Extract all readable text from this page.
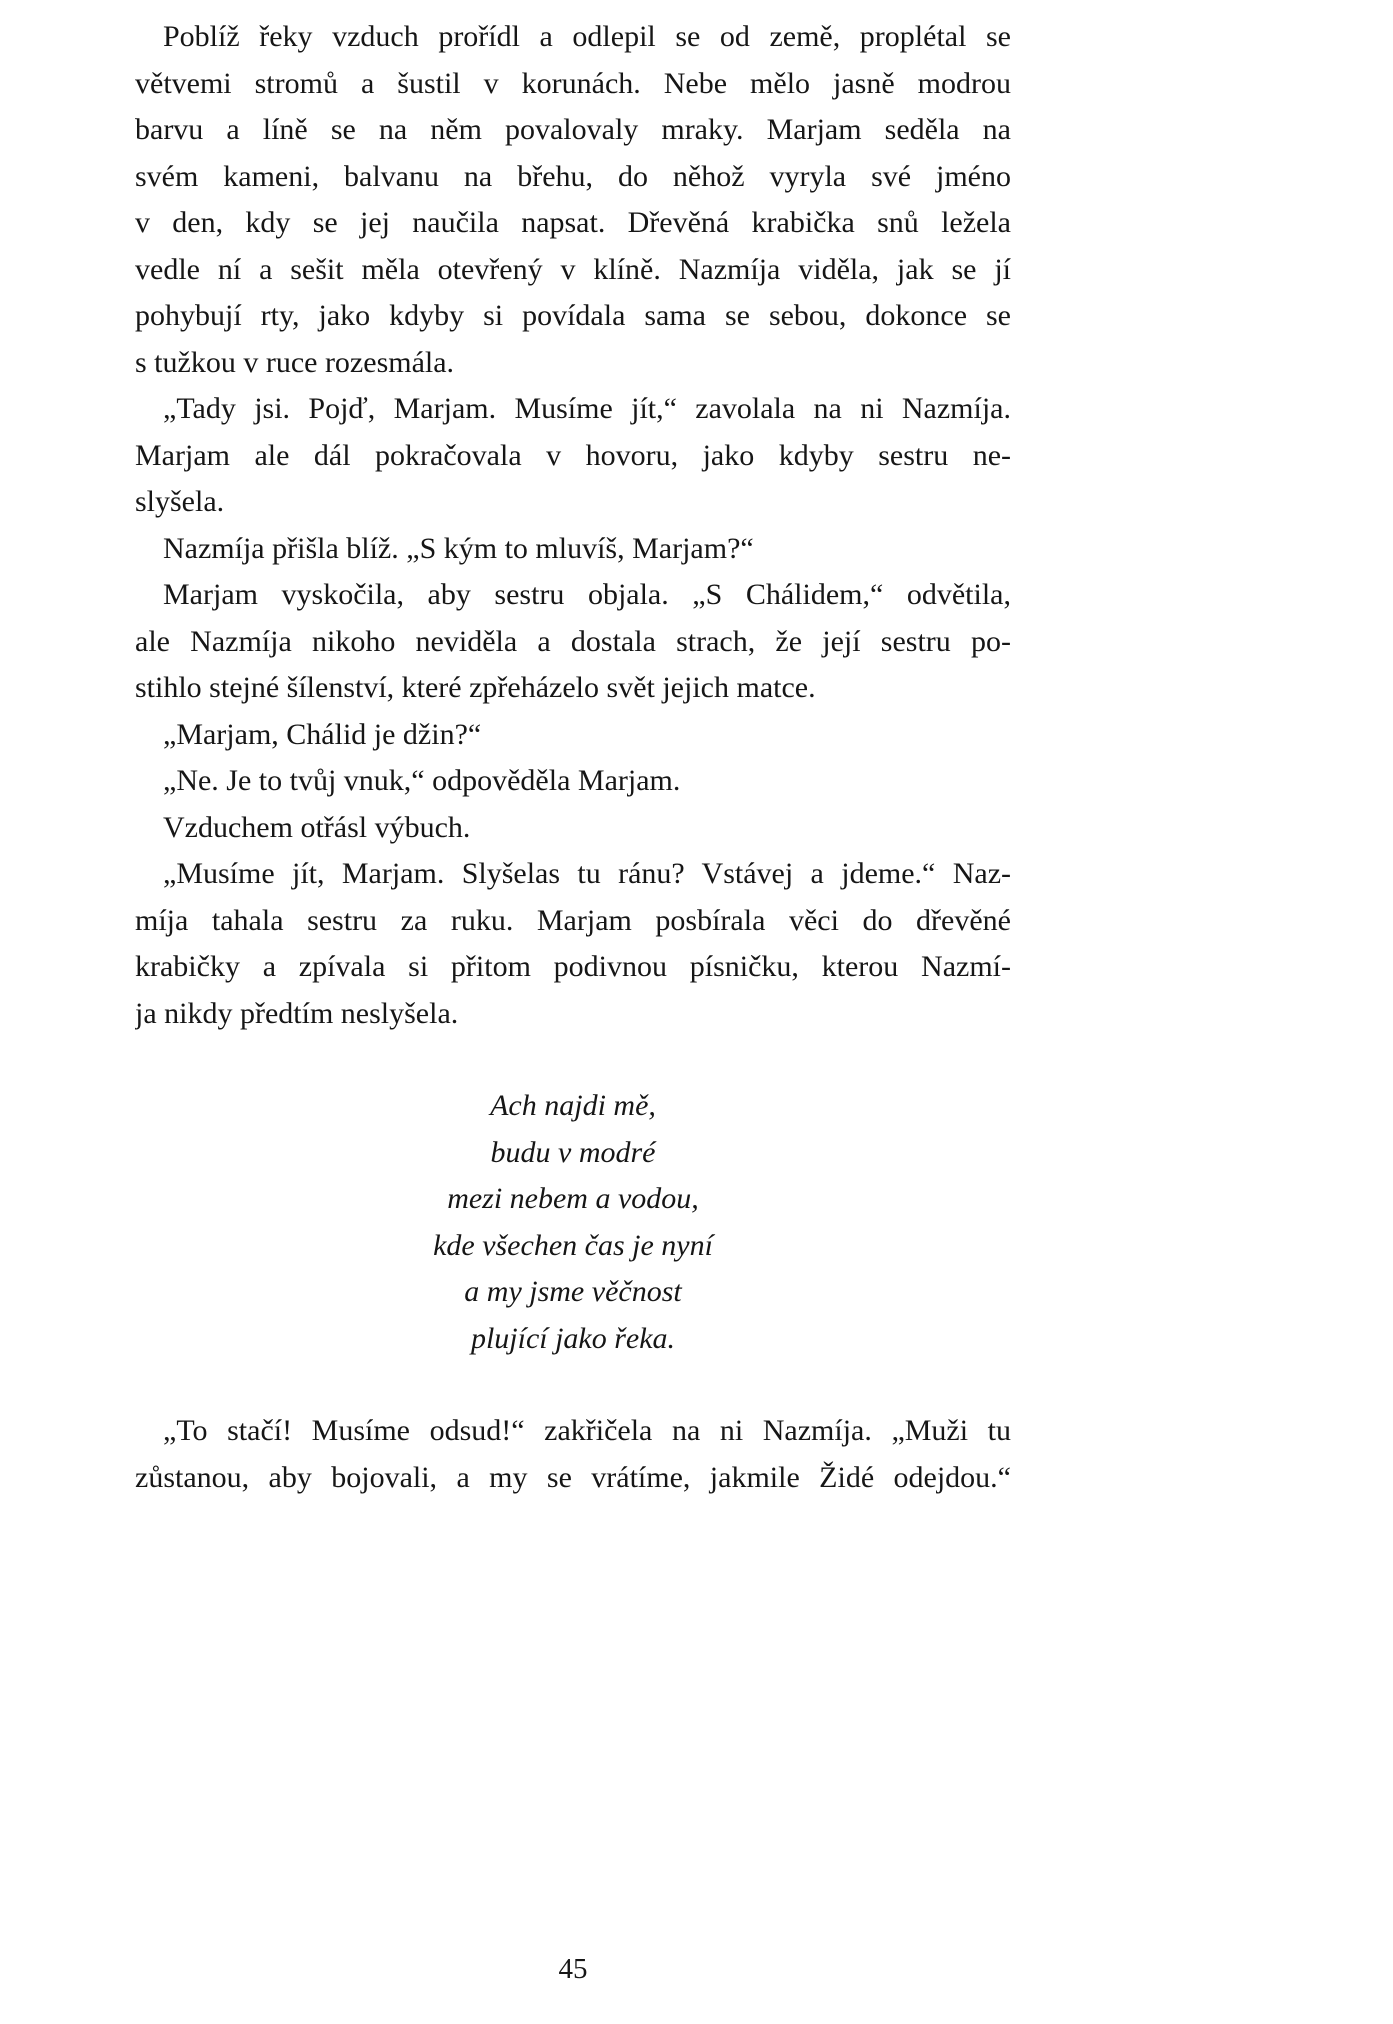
Poblíž řeky vzduch prořídl a odlepil se od země, proplétal se
větvemi stromů a šustil v korunách. Nebe mělo jasně modrou
barvu a líně se na něm povalovaly mraky. Marjam seděla na
svém kameni, balvanu na břehu, do něhož vyryla své jméno
v den, kdy se jej naučila napsat. Dřevěná krabička snů ležela
vedle ní a sešit měla otevřený v klíně. Nazmíja viděla, jak se jí
pohybují rty, jako kdyby si povídala sama se sebou, dokonce se
s tužkou v ruce rozesmála.
„Tady jsi. Pojď, Marjam. Musíme jít,“ zavolala na ni Nazmíja.
Marjam ale dál pokračovala v hovoru, jako kdyby sestru ne-
slyšela.
Nazmíja přišla blíž. „S kým to mluvíš, Marjam?“
Marjam vyskočila, aby sestru objala. „S Chálidem,“ odvětila,
ale Nazmíja nikoho neviděla a dostala strach, že její sestru po-
stihlo stejné šílenství, které zpřeházelo svět jejich matce.
„Marjam, Chálid je džin?“
„Ne. Je to tvůj vnuk,“ odpověděla Marjam.
Vzduchem otřásl výbuch.
„Musíme jít, Marjam. Slyšelas tu ránu? Vstávej a jdeme.“ Naz-
míja tahala sestru za ruku. Marjam posbírala věci do dřevěné
krabičky a zpívala si přitom podivnou písničku, kterou Nazmí-
ja nikdy předtím neslyšela.
Ach najdi mě,
budu v modré
mezi nebem a vodou,
kde všechen čas je nyní
a my jsme věčnost
plující jako řeka.
„To stačí! Musíme odsud!“ zakřičela na ni Nazmíja. „Muži tu
zůstanou, aby bojovali, a my se vrátíme, jakmile Židé odejdou.“
45
